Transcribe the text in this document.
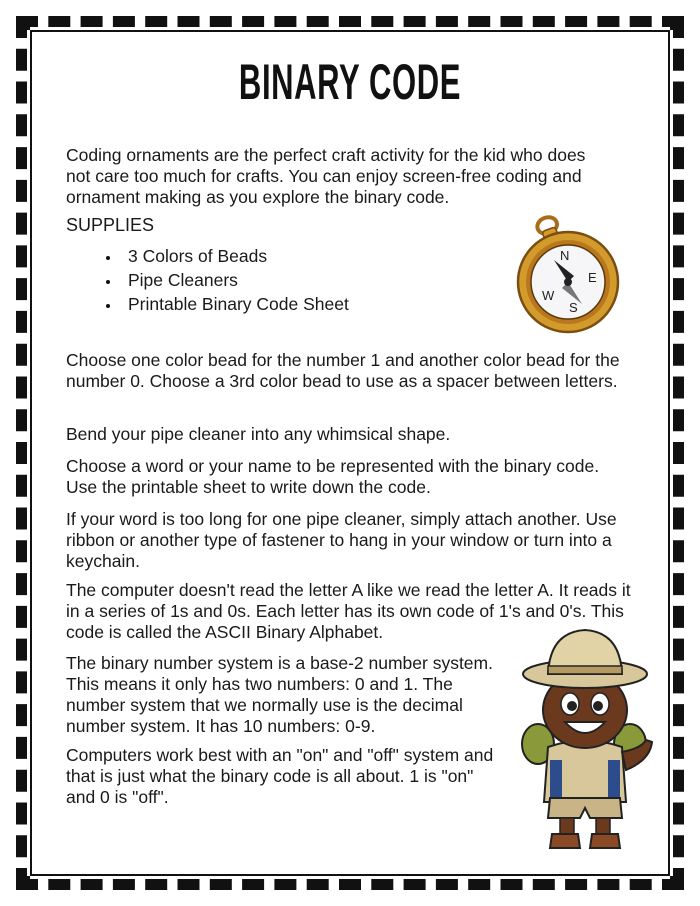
BINARY CODE

Coding ornaments are the perfect craft activity for the kid who does not care too much for crafts. You can enjoy screen-free coding and ornament making as you explore the binary code.

SUPPLIES
3 Colors of Beads
Pipe Cleaners
Printable Binary Code Sheet
N
E
S
W

Choose one color bead for the number 1 and another color bead for the number 0. Choose a 3rd color bead to use as a spacer between letters.

Bend your pipe cleaner into any whimsical shape.

Choose a word or your name to be represented with the binary code. Use the printable sheet to write down the code.

If your word is too long for one pipe cleaner, simply attach another. Use ribbon or another type of fastener to hang in your window or turn into a keychain.

The computer doesn't read the letter A like we read the letter A. It reads it in a series of 1s and 0s. Each letter has its own code of 1's and 0's. This code is called the ASCII Binary Alphabet.

The binary number system is a base-2 number system. This means it only has two numbers: 0 and 1. The number system that we normally use is the decimal number system. It has 10 numbers: 0-9.

Computers work best with an "on" and "off" system and that is just what the binary code is all about. 1 is "on" and 0 is "off".
